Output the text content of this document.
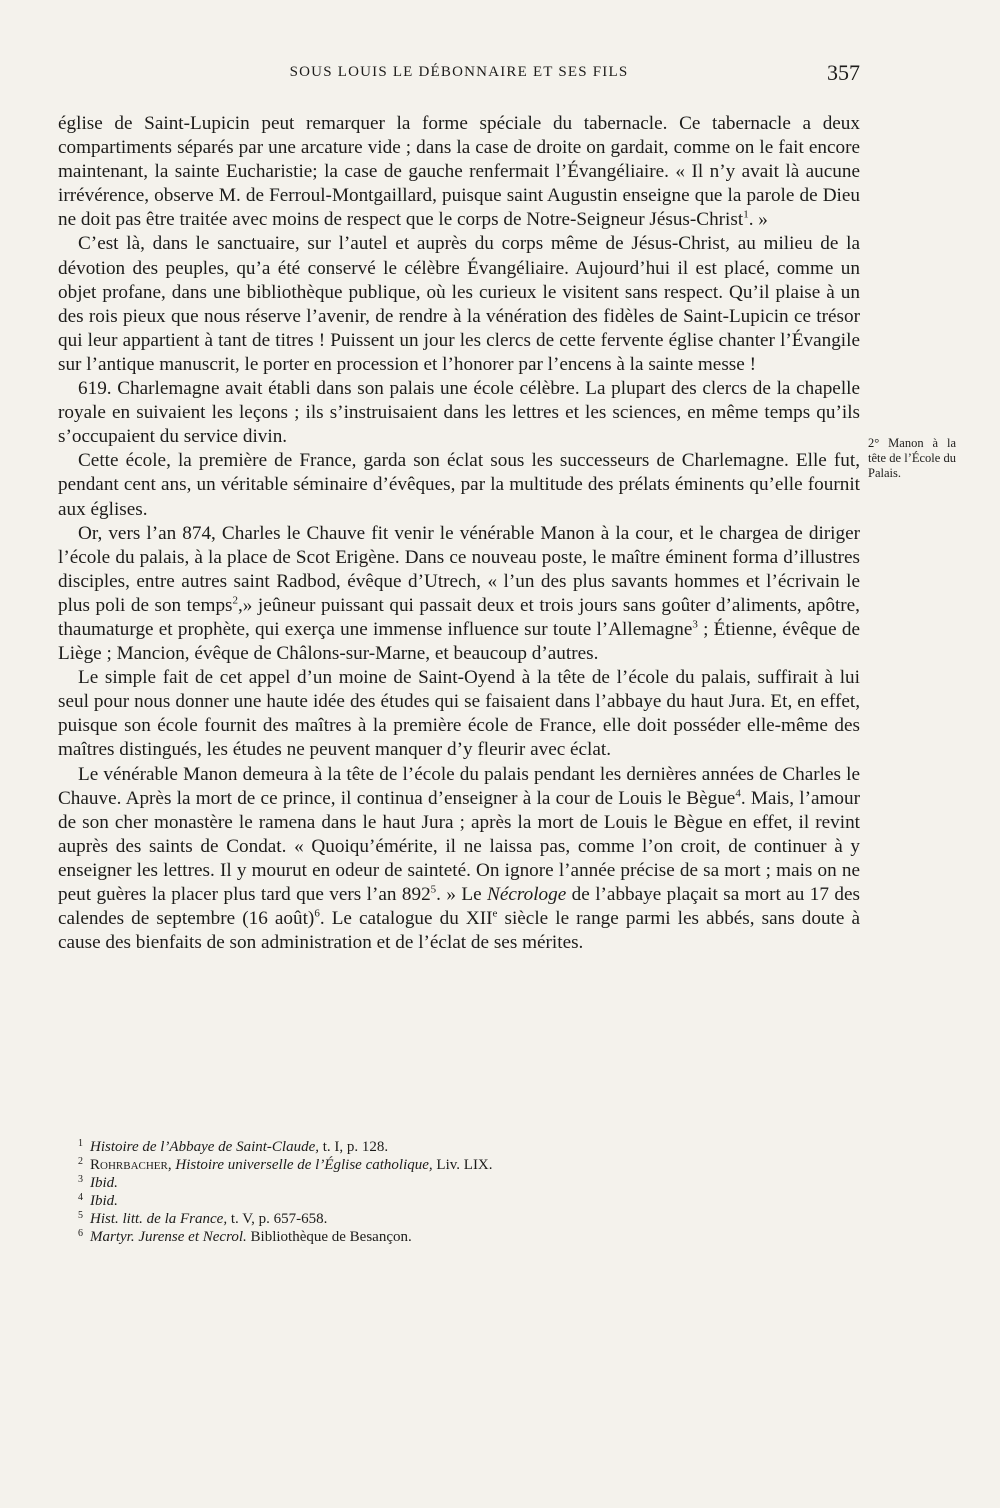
SOUS LOUIS LE DÉBONNAIRE ET SES FILS	357

église de Saint-Lupicin peut remarquer la forme spéciale du tabernacle. Ce tabernacle a deux compartiments séparés par une arcature vide ; dans la case de droite on gardait, comme on le fait encore maintenant, la sainte Eucharistie; la case de gauche renfermait l’Évangéliaire. « Il n’y avait là aucune irrévérence, observe M. de Ferroul-Montgaillard, puisque saint Augustin enseigne que la parole de Dieu ne doit pas être traitée avec moins de respect que le corps de Notre-Seigneur Jésus-Christ$^1$. »

C’est là, dans le sanctuaire, sur l’autel et auprès du corps même de Jésus-Christ, au milieu de la dévotion des peuples, qu’a été conservé le célèbre Évangéliaire. Aujourd’hui il est placé, comme un objet profane, dans une bibliothèque publique, où les curieux le visitent sans respect. Qu’il plaise à un des rois pieux que nous réserve l’avenir, de rendre à la vénération des fidèles de Saint-Lupicin ce trésor qui leur appartient à tant de titres ! Puissent un jour les clercs de cette fervente église chanter l’Évangile sur l’antique manuscrit, le porter en procession et l’honorer par l’encens à la sainte messe !

619. Charlemagne avait établi dans son palais une école célèbre. La plupart des clercs de la chapelle royale en suivaient les leçons ; ils s’instruisaient dans les lettres et les sciences, en même temps qu’ils s’occupaient du service divin.

Cette école, la première de France, garda son éclat sous les successeurs de Charlemagne. Elle fut, pendant cent ans, un véritable séminaire d’évêques, par la multitude des prélats éminents qu’elle fournit aux églises.

Or, vers l’an 874, Charles le Chauve fit venir le vénérable Manon à la cour, et le chargea de diriger l’école du palais, à la place de Scot Erigène. Dans ce nouveau poste, le maître éminent forma d’illustres disciples, entre autres saint Radbod, évêque d’Utrech, « l’un des plus savants hommes et l’écrivain le plus poli de son temps$^2$,» jeûneur puissant qui passait deux et trois jours sans goûter d’aliments, apôtre, thaumaturge et prophète, qui exerça une immense influence sur toute l’Allemagne$^3$ ; Étienne, évêque de Liège ; Mancion, évêque de Châlons-sur-Marne, et beaucoup d’autres.

Le simple fait de cet appel d’un moine de Saint-Oyend à la tête de l’école du palais, suffirait à lui seul pour nous donner une haute idée des études qui se faisaient dans l’abbaye du haut Jura. Et, en effet, puisque son école fournit des maîtres à la première école de France, elle doit posséder elle-même des maîtres distingués, les études ne peuvent manquer d’y fleurir avec éclat.

Le vénérable Manon demeura à la tête de l’école du palais pendant les dernières années de Charles le Chauve. Après la mort de ce prince, il continua d’enseigner à la cour de Louis le Bègue$^4$. Mais, l’amour de son cher monastère le ramena dans le haut Jura ; après la mort de Louis le Bègue en effet, il revint auprès des saints de Condat. « Quoiqu’émérite, il ne laissa pas, comme l’on croit, de continuer à y enseigner les lettres. Il y mourut en odeur de sainteté. On ignore l’année précise de sa mort ; mais on ne peut guères la placer plus tard que vers l’an $892^5$. » Le Nécrologe de l’abbaye plaçait sa mort au 17 des calendes de septembre (16 août)$^6$. Le catalogue du XIIe siècle le range parmi les abbés, sans doute à cause des bienfaits de son administration et de l’éclat de ses mérites.

2° Manon à la tête de l’École du Palais.
1 Histoire de l’Abbaye de Saint-Claude, t. I, p. 128.
2 Rohrbacher, Histoire universelle de l’Église catholique, Liv. LIX.
3 Ibid.
4 Ibid.
5 Hist. litt. de la France, t. V, p. 657-658.
6 Martyr. Jurense et Necrol. Bibliothèque de Besançon.
